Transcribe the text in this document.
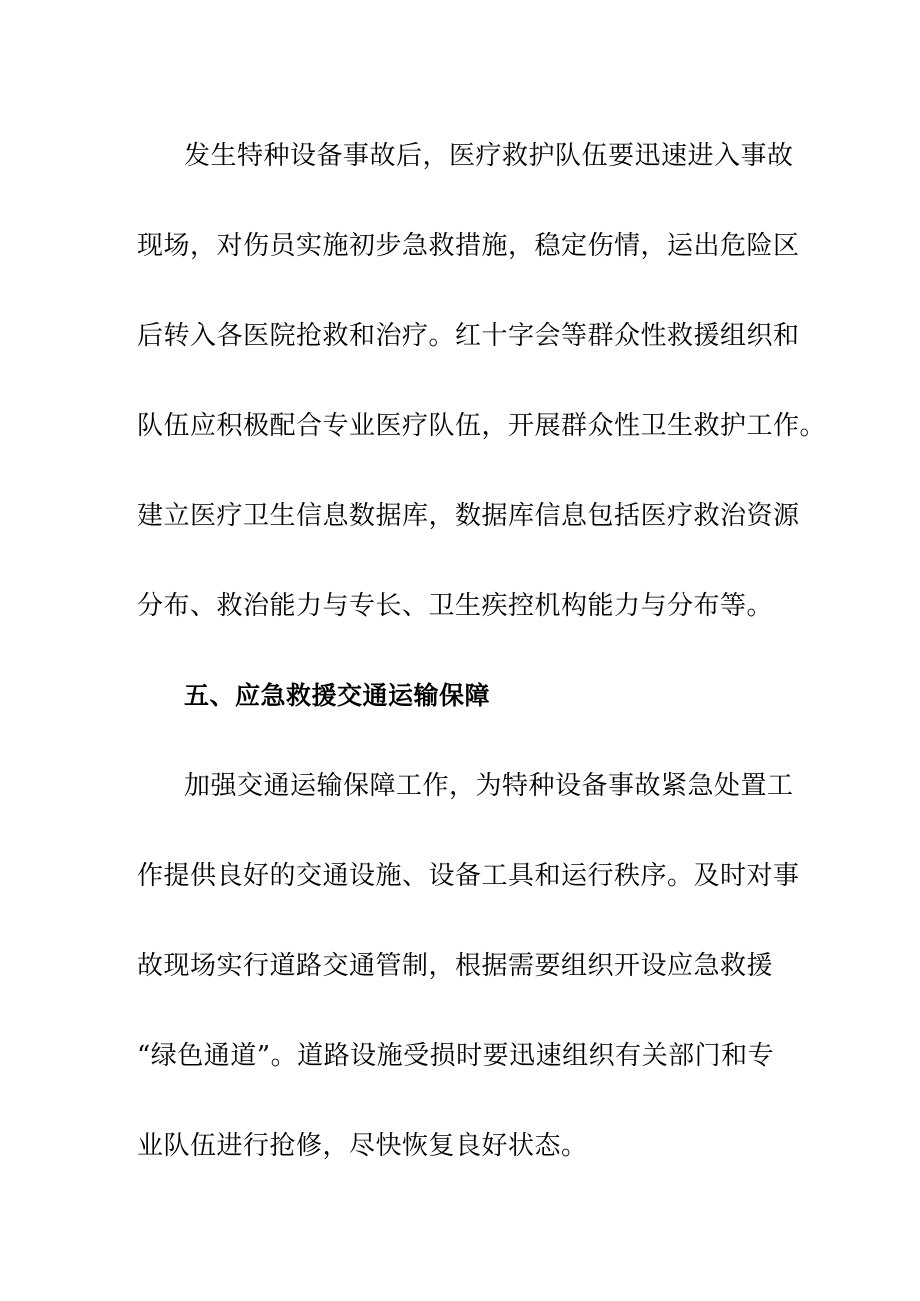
发生特种设备事故后，医疗救护队伍要迅速进入事故
现场，对伤员实施初步急救措施，稳定伤情，运出危险区
后转入各医院抢救和治疗。红十字会等群众性救援组织和
队伍应积极配合专业医疗队伍，开展群众性卫生救护工作。
建立医疗卫生信息数据库，数据库信息包括医疗救治资源
分布、救治能力与专长、卫生疾控机构能力与分布等。
五、应急救援交通运输保障
加强交通运输保障工作，为特种设备事故紧急处置工
作提供良好的交通设施、设备工具和运行秩序。及时对事
故现场实行道路交通管制，根据需要组织开设应急救援
“绿色通道”。道路设施受损时要迅速组织有关部门和专
业队伍进行抢修，尽快恢复良好状态。
